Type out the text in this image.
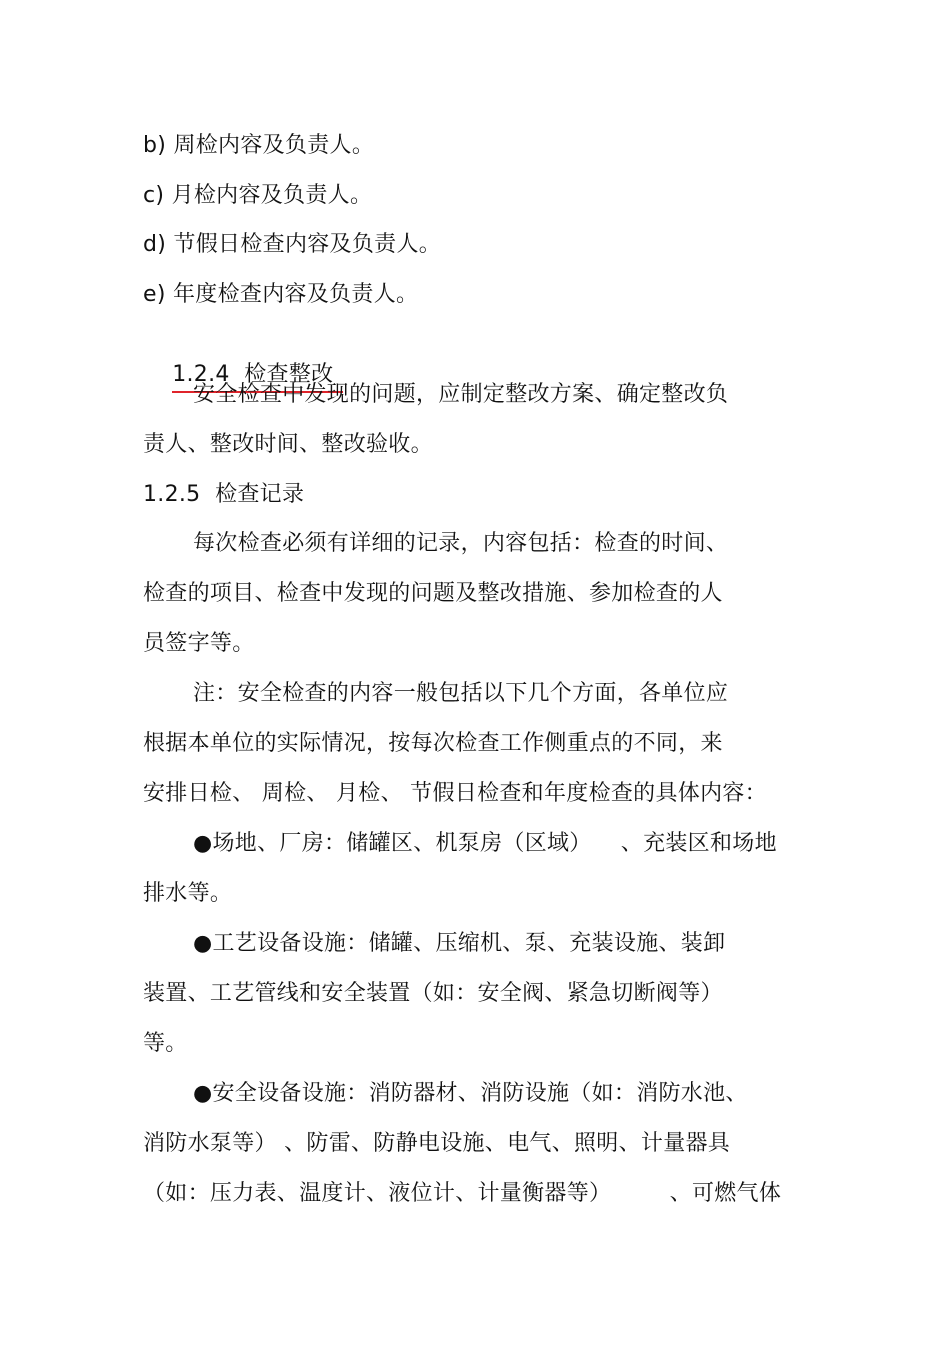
b) 周检内容及负责人。
c) 月检内容及负责人。
d) 节假日检查内容及负责人。
e) 年度检查内容及负责人。

1.2.4  检查整改

安全检查中发现的问题，应制定整改方案、确定整改负
责人、整改时间、整改验收。
1.2.5  检查记录
每次检查必须有详细的记录，内容包括：检查的时间、
检查的项目、检查中发现的问题及整改措施、参加检查的人
员签字等。
注：安全检查的内容一般包括以下几个方面，各单位应
根据本单位的实际情况，按每次检查工作侧重点的不同，来
安排日检、 周检、 月检、 节假日检查和年度检查的具体内容：
●场地、厂房：储罐区、机泵房（区域）    、充装区和场地
排水等。
●工艺设备设施：储罐、压缩机、泵、充装设施、装卸
装置、工艺管线和安全装置（如：安全阀、紧急切断阀等）
等。
●安全设备设施：消防器材、消防设施（如：消防水池、
消防水泵等） 、防雷、防静电设施、电气、照明、计量器具
（如：压力表、温度计、液位计、计量衡器等）        、可燃气体
